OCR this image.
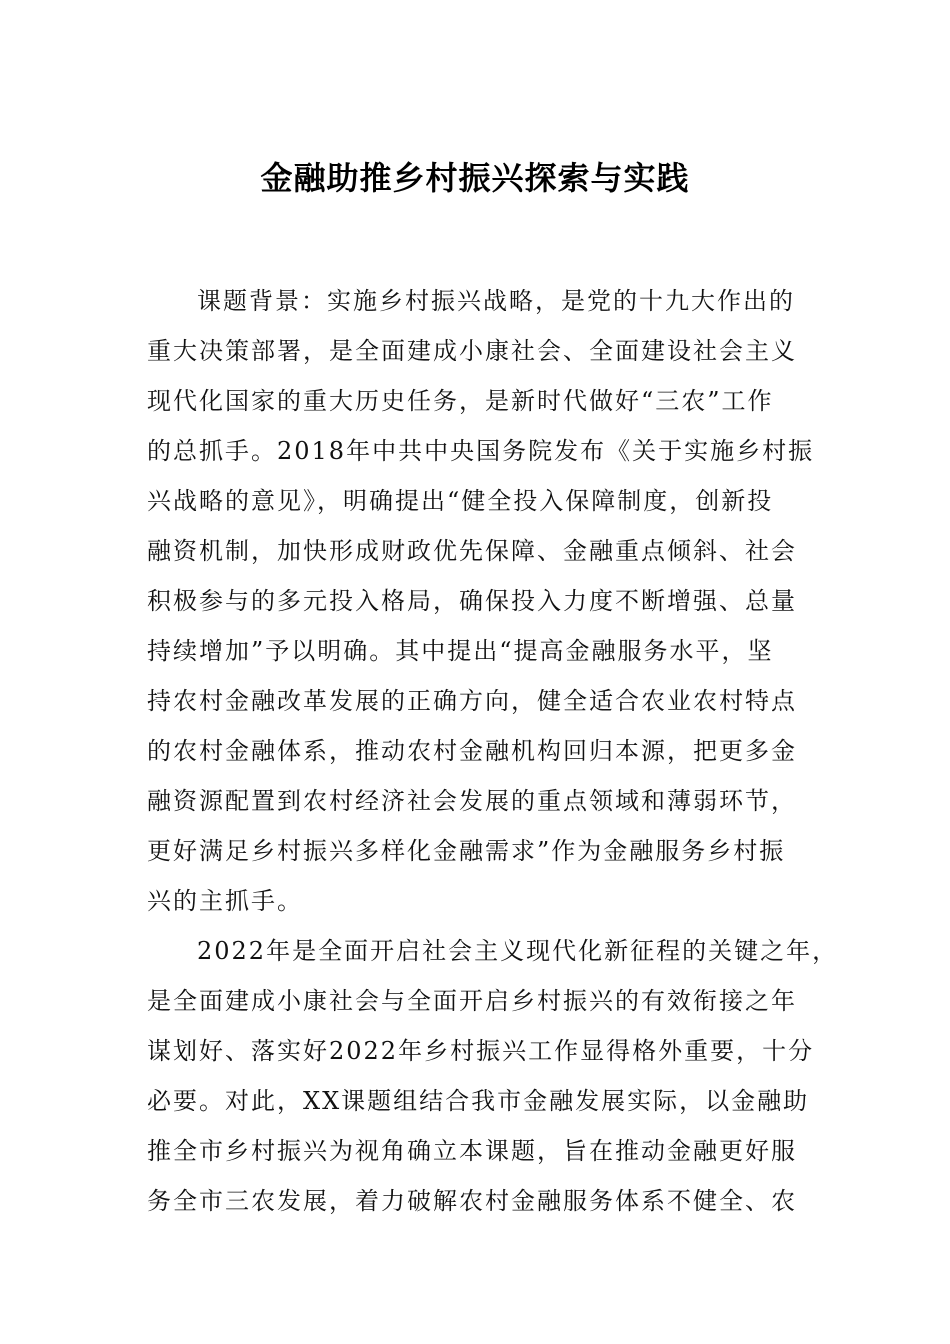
金融助推乡村振兴探索与实践
课题背景：实施乡村振兴战略，是党的十九大作出的
重大决策部署，是全面建成小康社会、全面建设社会主义
现代化国家的重大历史任务，是新时代做好“三农”工作
的总抓手。2018年中共中央国务院发布《关于实施乡村振
兴战略的意见》，明确提出“健全投入保障制度，创新投
融资机制，加快形成财政优先保障、金融重点倾斜、社会
积极参与的多元投入格局，确保投入力度不断增强、总量
持续增加”予以明确。其中提出“提高金融服务水平，坚
持农村金融改革发展的正确方向，健全适合农业农村特点
的农村金融体系，推动农村金融机构回归本源，把更多金
融资源配置到农村经济社会发展的重点领域和薄弱环节，
更好满足乡村振兴多样化金融需求”作为金融服务乡村振
兴的主抓手。
2022年是全面开启社会主义现代化新征程的关键之年，
是全面建成小康社会与全面开启乡村振兴的有效衔接之年
谋划好、落实好2022年乡村振兴工作显得格外重要，十分
必要。对此，XX课题组结合我市金融发展实际，以金融助
推全市乡村振兴为视角确立本课题，旨在推动金融更好服
务全市三农发展，着力破解农村金融服务体系不健全、农
